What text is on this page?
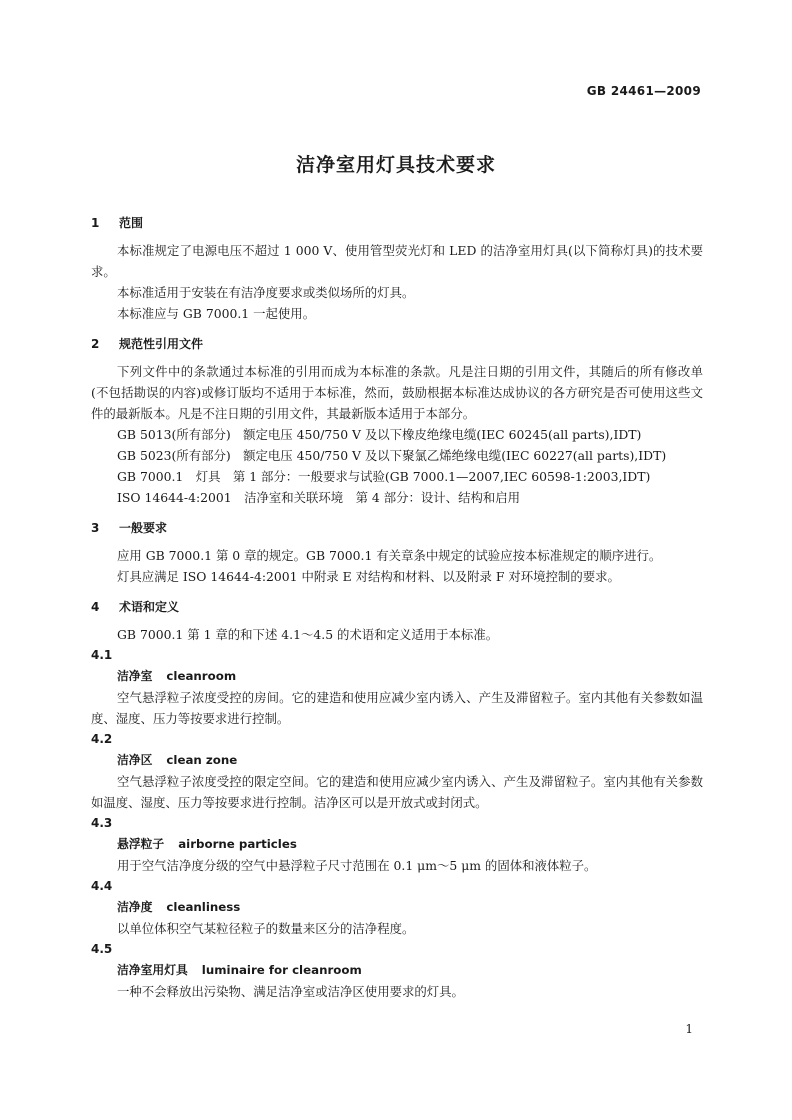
GB 24461—2009
洁净室用灯具技术要求
1 范围

本标准规定了电源电压不超过 1 000 V、使用管型荧光灯和 LED 的洁净室用灯具(以下简称灯具)的技术要求。

本标准适用于安装在有洁净度要求或类似场所的灯具。

本标准应与 GB 7000.1 一起使用。

2 规范性引用文件

下列文件中的条款通过本标准的引用而成为本标准的条款。凡是注日期的引用文件，其随后的所有修改单(不包括勘误的内容)或修订版均不适用于本标准，然而，鼓励根据本标准达成协议的各方研究是否可使用这些文件的最新版本。凡是不注日期的引用文件，其最新版本适用于本部分。

GB 5013(所有部分)　额定电压 450/750 V 及以下橡皮绝缘电缆(IEC 60245(all parts),IDT)

GB 5023(所有部分)　额定电压 450/750 V 及以下聚氯乙烯绝缘电缆(IEC 60227(all parts),IDT)

GB 7000.1　灯具　第 1 部分：一般要求与试验(GB 7000.1—2007,IEC 60598-1:2003,IDT)

ISO 14644-4:2001　洁净室和关联环境　第 4 部分：设计、结构和启用

3 一般要求

应用 GB 7000.1 第 0 章的规定。GB 7000.1 有关章条中规定的试验应按本标准规定的顺序进行。

灯具应满足 ISO 14644-4:2001 中附录 E 对结构和材料、以及附录 F 对环境控制的要求。

4 术语和定义

GB 7000.1 第 1 章的和下述 4.1～4.5 的术语和定义适用于本标准。

4.1
洁净室 cleanroom

空气悬浮粒子浓度受控的房间。它的建造和使用应减少室内诱入、产生及滞留粒子。室内其他有关参数如温度、湿度、压力等按要求进行控制。

4.2
洁净区 clean zone

空气悬浮粒子浓度受控的限定空间。它的建造和使用应减少室内诱入、产生及滞留粒子。室内其他有关参数如温度、湿度、压力等按要求进行控制。洁净区可以是开放式或封闭式。

4.3
悬浮粒子 airborne particles

用于空气洁净度分级的空气中悬浮粒子尺寸范围在 0.1 μm～5 μm 的固体和液体粒子。

4.4
洁净度 cleanliness

以单位体积空气某粒径粒子的数量来区分的洁净程度。

4.5
洁净室用灯具 luminaire for cleanroom

一种不会释放出污染物、满足洁净室或洁净区使用要求的灯具。

1
